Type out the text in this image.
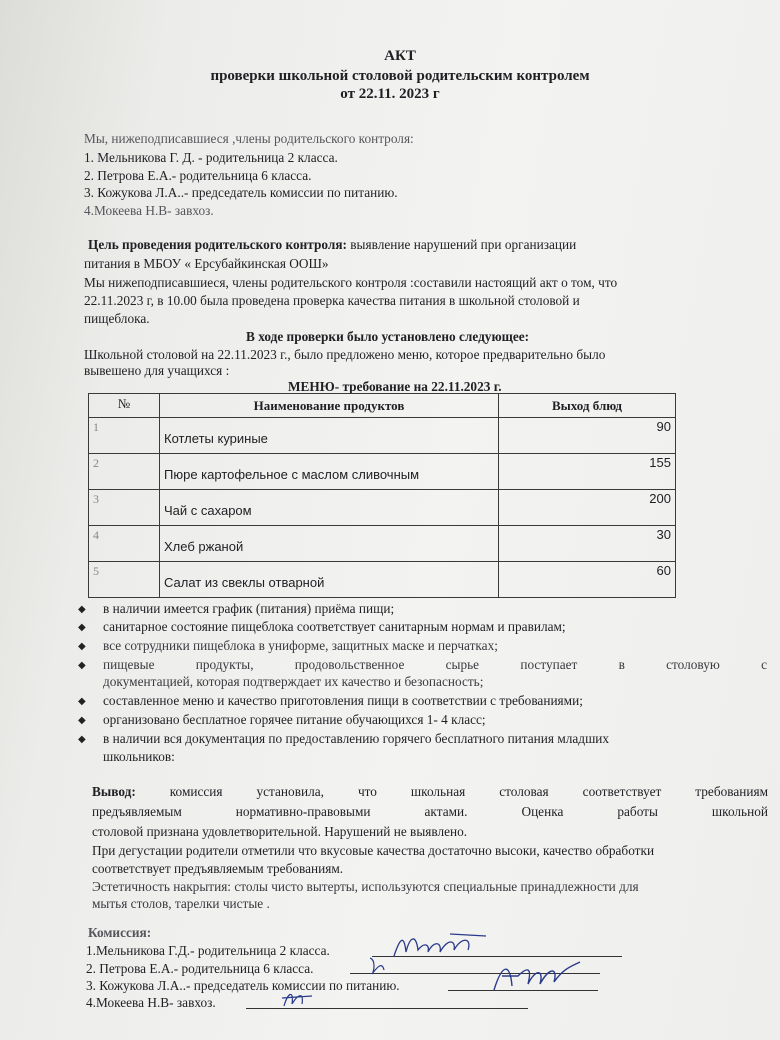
АКТ
проверки школьной столовой родительским контролем
от 22.11. 2023 г
Мы, нижеподписавшиеся ,члены родительского контроля:
1. Мельникова Г. Д. - родительница 2 класса.
2. Петрова Е.А.- родительница 6 класса.
3. Кожукова Л.А..- председатель комиссии по питанию.
4.Мокеева Н.В- завхоз.
Цель проведения родительского контроля: выявление нарушений при организации
питания в МБОУ « Ерсубайкинская ООШ»
Мы нижеподписавшиеся, члены родительского контроля :составили настоящий акт о том, что
22.11.2023 г, в 10.00 была проведена проверка качества питания в школьной столовой и
пищеблока.
В ходе проверки было установлено следующее:
Школьной столовой на 22.11.2023 г., было предложено меню, которое предварительно было
вывешено для учащихся :
МЕНЮ- требование на 22.11.2023 г.
№	Наименование продуктов	Выход блюд
1	Котлеты куриные	90
2	Пюре картофельное с маслом сливочным	155
3	Чай с сахаром	200
4	Хлеб ржаной	30
5	Салат из свеклы отварной	60
◆ в наличии имеется график (питания) приёма пищи;
◆ санитарное состояние пищеблока соответствует санитарным нормам и правилам;
◆ все сотрудники пищеблока в униформе, защитных маске и перчатках;
◆ пищевые продукты, продовольственное сырье поступает в столовую с
документацией, которая подтверждает их качество и безопасность;
◆ составленное меню и качество приготовления пищи в соответствии с требованиями;
◆ организовано бесплатное горячее питание обучающихся 1- 4 класс;
◆ в наличии вся документация по предоставлению горячего бесплатного питания младших
школьников:
Вывод: комиссия установила, что школьная столовая соответствует требованиям
предъявляемым нормативно-правовыми актами. Оценка работы школьной
столовой признана удовлетворительной. Нарушений не выявлено.
При дегустации родители отметили что вкусовые качества достаточно высоки, качество обработки
соответствует предъявляемым требованиям.
Эстетичность накрытия: столы чисто вытерты, используются специальные принадлежности для
мытья столов, тарелки чистые .
Комиссия:
1.Мельникова Г.Д.- родительница 2 класса.
2. Петрова Е.А.- родительница 6 класса.
3. Кожукова Л.А..- председатель комиссии по питанию.
4.Мокеева Н.В- завхоз.
